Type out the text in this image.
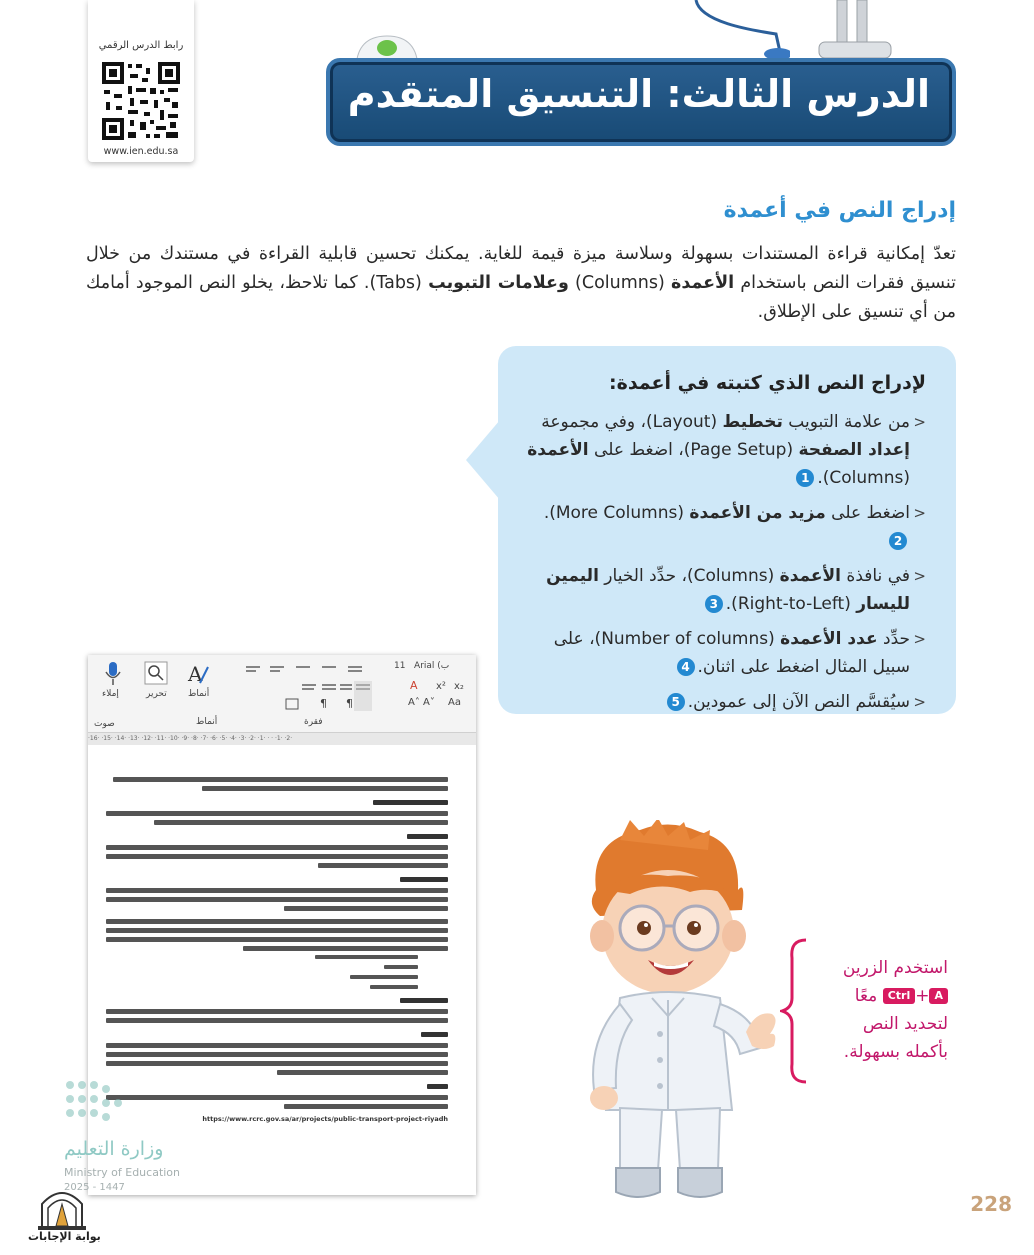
رابط الدرس الرقمي
www.ien.edu.sa
الدرس الثالث: التنسيق المتقدم
إدراج النص في أعمدة

تعدّ إمكانية قراءة المستندات بسهولة وسلاسة ميزة قيمة للغاية. يمكنك تحسين قابلية القراءة في مستندك من خلال تنسيق فقرات النص باستخدام الأعمدة (Columns) وعلامات التبويب (Tabs). كما تلاحظ، يخلو النص الموجود أمامك من أي تنسيق على الإطلاق.

لإدراج النص الذي كتبته في أعمدة:
< من علامة التبويب تخطيط (Layout)، وفي مجموعة إعداد الصفحة (Page Setup)، اضغط على الأعمدة (Columns).1
< اضغط على مزيد من الأعمدة (More Columns).2
< في نافذة الأعمدة (Columns)، حدِّد الخيار اليمين لليسار (Right-to-Left).3
< حدِّد عدد الأعمدة (Number of columns)، على سبيل المثال اضغط على اثنان.4
< سيُقسَّم النص الآن إلى عمودين.5
إملاء	تحرير
A
أنماط
¶ ¶
11 Arial (ب
A x² x₂
A˄ A˅ Aa
صوت	أنماط	فقرة
·16· ·15· ·14· ·13· ·12· ·11· ·10· ·9· ·8· ·7· ·6· ·5· ·4· ·3· ·2· ·1· · · ·1· ·2·
https://www.rcrc.gov.sa/ar/projects/public-transport-project-riyadh
وزارة التعليم
Ministry of Education
2025 - 1447
بوابة الإجابات
استخدم الزرين
A+Ctrl معًا
لتحديد النص
بأكمله بسهولة.
228
